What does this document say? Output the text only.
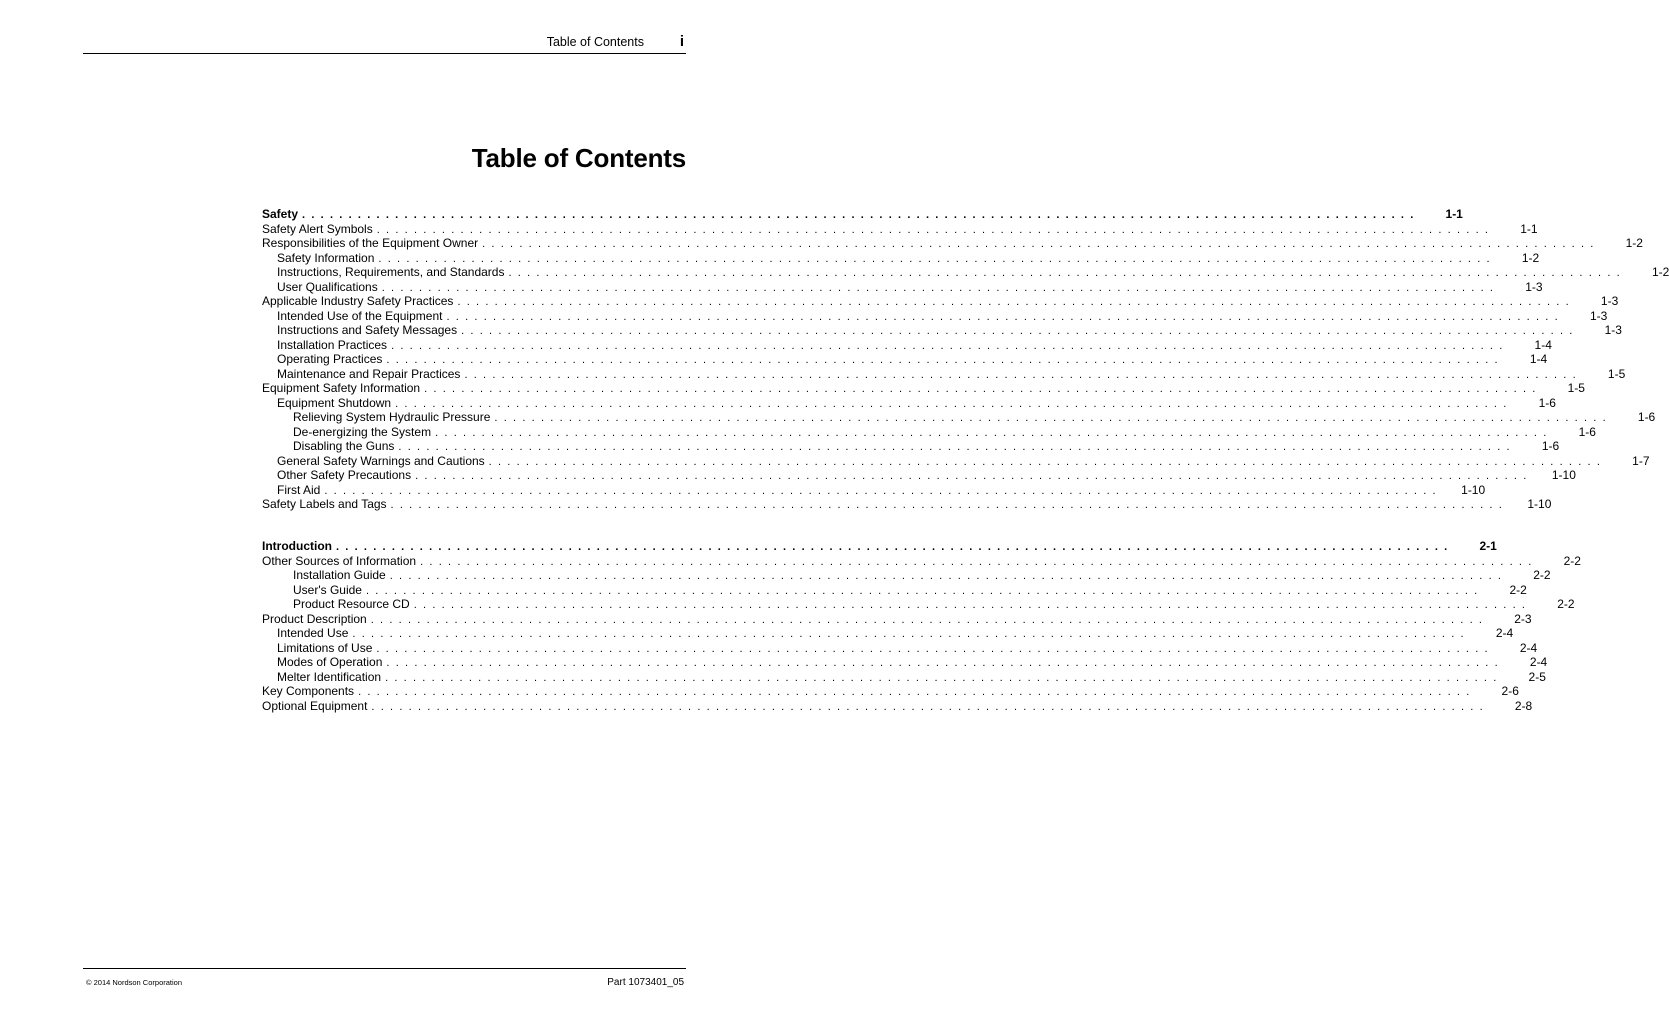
Table of Contents i
Table of Contents
Safety . . . . . . . . . . . . . . . . . . . . . . . . . . . . . . . . . . . . . . . . . . . . . . . . . . . . . . . . . . . . . . . . . . . . . . . . . . . . . . . . . . . . . . . . . . . . . . . . . . . . . . . . . . . . . . . . . . . . . . . .	1-1
Safety Alert Symbols . . . . . . . . . . . . . . . . . . . . . . . . . . . . . . . . . . . . . . . . . . . . . . . . . . . . . . . . . . . . . . . . . . . . . . . . . . . . . . . . . . . . . . . . . . . . . . . . . . . . . . . . . . . . . . . . . . . . . . . .	1-1
Responsibilities of the Equipment Owner . . . . . . . . . . . . . . . . . . . . . . . . . . . . . . . . . . . . . . . . . . . . . . . . . . . . . . . . . . . . . . . . . . . . . . . . . . . . . . . . . . . . . . . . . . . . . . . . . . . . . . . . . . . . . . . . . . . . . . . .	1-2
Safety Information . . . . . . . . . . . . . . . . . . . . . . . . . . . . . . . . . . . . . . . . . . . . . . . . . . . . . . . . . . . . . . . . . . . . . . . . . . . . . . . . . . . . . . . . . . . . . . . . . . . . . . . . . . . . . . . . . . . . . . . .	1-2
Instructions, Requirements, and Standards . . . . . . . . . . . . . . . . . . . . . . . . . . . . . . . . . . . . . . . . . . . . . . . . . . . . . . . . . . . . . . . . . . . . . . . . . . . . . . . . . . . . . . . . . . . . . . . . . . . . . . . . . . . . . . . . . . . . . . . .	1-2
User Qualifications . . . . . . . . . . . . . . . . . . . . . . . . . . . . . . . . . . . . . . . . . . . . . . . . . . . . . . . . . . . . . . . . . . . . . . . . . . . . . . . . . . . . . . . . . . . . . . . . . . . . . . . . . . . . . . . . . . . . . . . .	1-3
Applicable Industry Safety Practices . . . . . . . . . . . . . . . . . . . . . . . . . . . . . . . . . . . . . . . . . . . . . . . . . . . . . . . . . . . . . . . . . . . . . . . . . . . . . . . . . . . . . . . . . . . . . . . . . . . . . . . . . . . . . . . . . . . . . . . .	1-3
Intended Use of the Equipment . . . . . . . . . . . . . . . . . . . . . . . . . . . . . . . . . . . . . . . . . . . . . . . . . . . . . . . . . . . . . . . . . . . . . . . . . . . . . . . . . . . . . . . . . . . . . . . . . . . . . . . . . . . . . . . . . . . . . . . .	1-3
Instructions and Safety Messages . . . . . . . . . . . . . . . . . . . . . . . . . . . . . . . . . . . . . . . . . . . . . . . . . . . . . . . . . . . . . . . . . . . . . . . . . . . . . . . . . . . . . . . . . . . . . . . . . . . . . . . . . . . . . . . . . . . . . . . .	1-3
Installation Practices . . . . . . . . . . . . . . . . . . . . . . . . . . . . . . . . . . . . . . . . . . . . . . . . . . . . . . . . . . . . . . . . . . . . . . . . . . . . . . . . . . . . . . . . . . . . . . . . . . . . . . . . . . . . . . . . . . . . . . . .	1-4
Operating Practices . . . . . . . . . . . . . . . . . . . . . . . . . . . . . . . . . . . . . . . . . . . . . . . . . . . . . . . . . . . . . . . . . . . . . . . . . . . . . . . . . . . . . . . . . . . . . . . . . . . . . . . . . . . . . . . . . . . . . . . .	1-4
Maintenance and Repair Practices . . . . . . . . . . . . . . . . . . . . . . . . . . . . . . . . . . . . . . . . . . . . . . . . . . . . . . . . . . . . . . . . . . . . . . . . . . . . . . . . . . . . . . . . . . . . . . . . . . . . . . . . . . . . . . . . . . . . . . . .	1-5
Equipment Safety Information . . . . . . . . . . . . . . . . . . . . . . . . . . . . . . . . . . . . . . . . . . . . . . . . . . . . . . . . . . . . . . . . . . . . . . . . . . . . . . . . . . . . . . . . . . . . . . . . . . . . . . . . . . . . . . . . . . . . . . . .	1-5
Equipment Shutdown . . . . . . . . . . . . . . . . . . . . . . . . . . . . . . . . . . . . . . . . . . . . . . . . . . . . . . . . . . . . . . . . . . . . . . . . . . . . . . . . . . . . . . . . . . . . . . . . . . . . . . . . . . . . . . . . . . . . . . . .	1-6
Relieving System Hydraulic Pressure . . . . . . . . . . . . . . . . . . . . . . . . . . . . . . . . . . . . . . . . . . . . . . . . . . . . . . . . . . . . . . . . . . . . . . . . . . . . . . . . . . . . . . . . . . . . . . . . . . . . . . . . . . . . . . . . . . . . . . . .	1-6
De-energizing the System . . . . . . . . . . . . . . . . . . . . . . . . . . . . . . . . . . . . . . . . . . . . . . . . . . . . . . . . . . . . . . . . . . . . . . . . . . . . . . . . . . . . . . . . . . . . . . . . . . . . . . . . . . . . . . . . . . . . . . . .	1-6
Disabling the Guns . . . . . . . . . . . . . . . . . . . . . . . . . . . . . . . . . . . . . . . . . . . . . . . . . . . . . . . . . . . . . . . . . . . . . . . . . . . . . . . . . . . . . . . . . . . . . . . . . . . . . . . . . . . . . . . . . . . . . . . .	1-6
General Safety Warnings and Cautions . . . . . . . . . . . . . . . . . . . . . . . . . . . . . . . . . . . . . . . . . . . . . . . . . . . . . . . . . . . . . . . . . . . . . . . . . . . . . . . . . . . . . . . . . . . . . . . . . . . . . . . . . . . . . . . . . . . . . . . .	1-7
Other Safety Precautions . . . . . . . . . . . . . . . . . . . . . . . . . . . . . . . . . . . . . . . . . . . . . . . . . . . . . . . . . . . . . . . . . . . . . . . . . . . . . . . . . . . . . . . . . . . . . . . . . . . . . . . . . . . . . . . . . . . . . . . .	1-10
First Aid . . . . . . . . . . . . . . . . . . . . . . . . . . . . . . . . . . . . . . . . . . . . . . . . . . . . . . . . . . . . . . . . . . . . . . . . . . . . . . . . . . . . . . . . . . . . . . . . . . . . . . . . . . . . . . . . . . . . . . . .	1-10
Safety Labels and Tags . . . . . . . . . . . . . . . . . . . . . . . . . . . . . . . . . . . . . . . . . . . . . . . . . . . . . . . . . . . . . . . . . . . . . . . . . . . . . . . . . . . . . . . . . . . . . . . . . . . . . . . . . . . . . . . . . . . . . . . .	1-10
Introduction . . . . . . . . . . . . . . . . . . . . . . . . . . . . . . . . . . . . . . . . . . . . . . . . . . . . . . . . . . . . . . . . . . . . . . . . . . . . . . . . . . . . . . . . . . . . . . . . . . . . . . . . . . . . . . . . . . . . . . . .	2-1
Other Sources of Information . . . . . . . . . . . . . . . . . . . . . . . . . . . . . . . . . . . . . . . . . . . . . . . . . . . . . . . . . . . . . . . . . . . . . . . . . . . . . . . . . . . . . . . . . . . . . . . . . . . . . . . . . . . . . . . . . . . . . . . .	2-2
Installation Guide . . . . . . . . . . . . . . . . . . . . . . . . . . . . . . . . . . . . . . . . . . . . . . . . . . . . . . . . . . . . . . . . . . . . . . . . . . . . . . . . . . . . . . . . . . . . . . . . . . . . . . . . . . . . . . . . . . . . . . . .	2-2
User's Guide . . . . . . . . . . . . . . . . . . . . . . . . . . . . . . . . . . . . . . . . . . . . . . . . . . . . . . . . . . . . . . . . . . . . . . . . . . . . . . . . . . . . . . . . . . . . . . . . . . . . . . . . . . . . . . . . . . . . . . . .	2-2
Product Resource CD . . . . . . . . . . . . . . . . . . . . . . . . . . . . . . . . . . . . . . . . . . . . . . . . . . . . . . . . . . . . . . . . . . . . . . . . . . . . . . . . . . . . . . . . . . . . . . . . . . . . . . . . . . . . . . . . . . . . . . . .	2-2
Product Description . . . . . . . . . . . . . . . . . . . . . . . . . . . . . . . . . . . . . . . . . . . . . . . . . . . . . . . . . . . . . . . . . . . . . . . . . . . . . . . . . . . . . . . . . . . . . . . . . . . . . . . . . . . . . . . . . . . . . . . .	2-3
Intended Use . . . . . . . . . . . . . . . . . . . . . . . . . . . . . . . . . . . . . . . . . . . . . . . . . . . . . . . . . . . . . . . . . . . . . . . . . . . . . . . . . . . . . . . . . . . . . . . . . . . . . . . . . . . . . . . . . . . . . . . .	2-4
Limitations of Use . . . . . . . . . . . . . . . . . . . . . . . . . . . . . . . . . . . . . . . . . . . . . . . . . . . . . . . . . . . . . . . . . . . . . . . . . . . . . . . . . . . . . . . . . . . . . . . . . . . . . . . . . . . . . . . . . . . . . . . .	2-4
Modes of Operation . . . . . . . . . . . . . . . . . . . . . . . . . . . . . . . . . . . . . . . . . . . . . . . . . . . . . . . . . . . . . . . . . . . . . . . . . . . . . . . . . . . . . . . . . . . . . . . . . . . . . . . . . . . . . . . . . . . . . . . .	2-4
Melter Identification . . . . . . . . . . . . . . . . . . . . . . . . . . . . . . . . . . . . . . . . . . . . . . . . . . . . . . . . . . . . . . . . . . . . . . . . . . . . . . . . . . . . . . . . . . . . . . . . . . . . . . . . . . . . . . . . . . . . . . . .	2-5
Key Components . . . . . . . . . . . . . . . . . . . . . . . . . . . . . . . . . . . . . . . . . . . . . . . . . . . . . . . . . . . . . . . . . . . . . . . . . . . . . . . . . . . . . . . . . . . . . . . . . . . . . . . . . . . . . . . . . . . . . . . .	2-6
Optional Equipment . . . . . . . . . . . . . . . . . . . . . . . . . . . . . . . . . . . . . . . . . . . . . . . . . . . . . . . . . . . . . . . . . . . . . . . . . . . . . . . . . . . . . . . . . . . . . . . . . . . . . . . . . . . . . . . . . . . . . . . .	2-8
© 2014 Nordson Corporation	Part 1073401_05
